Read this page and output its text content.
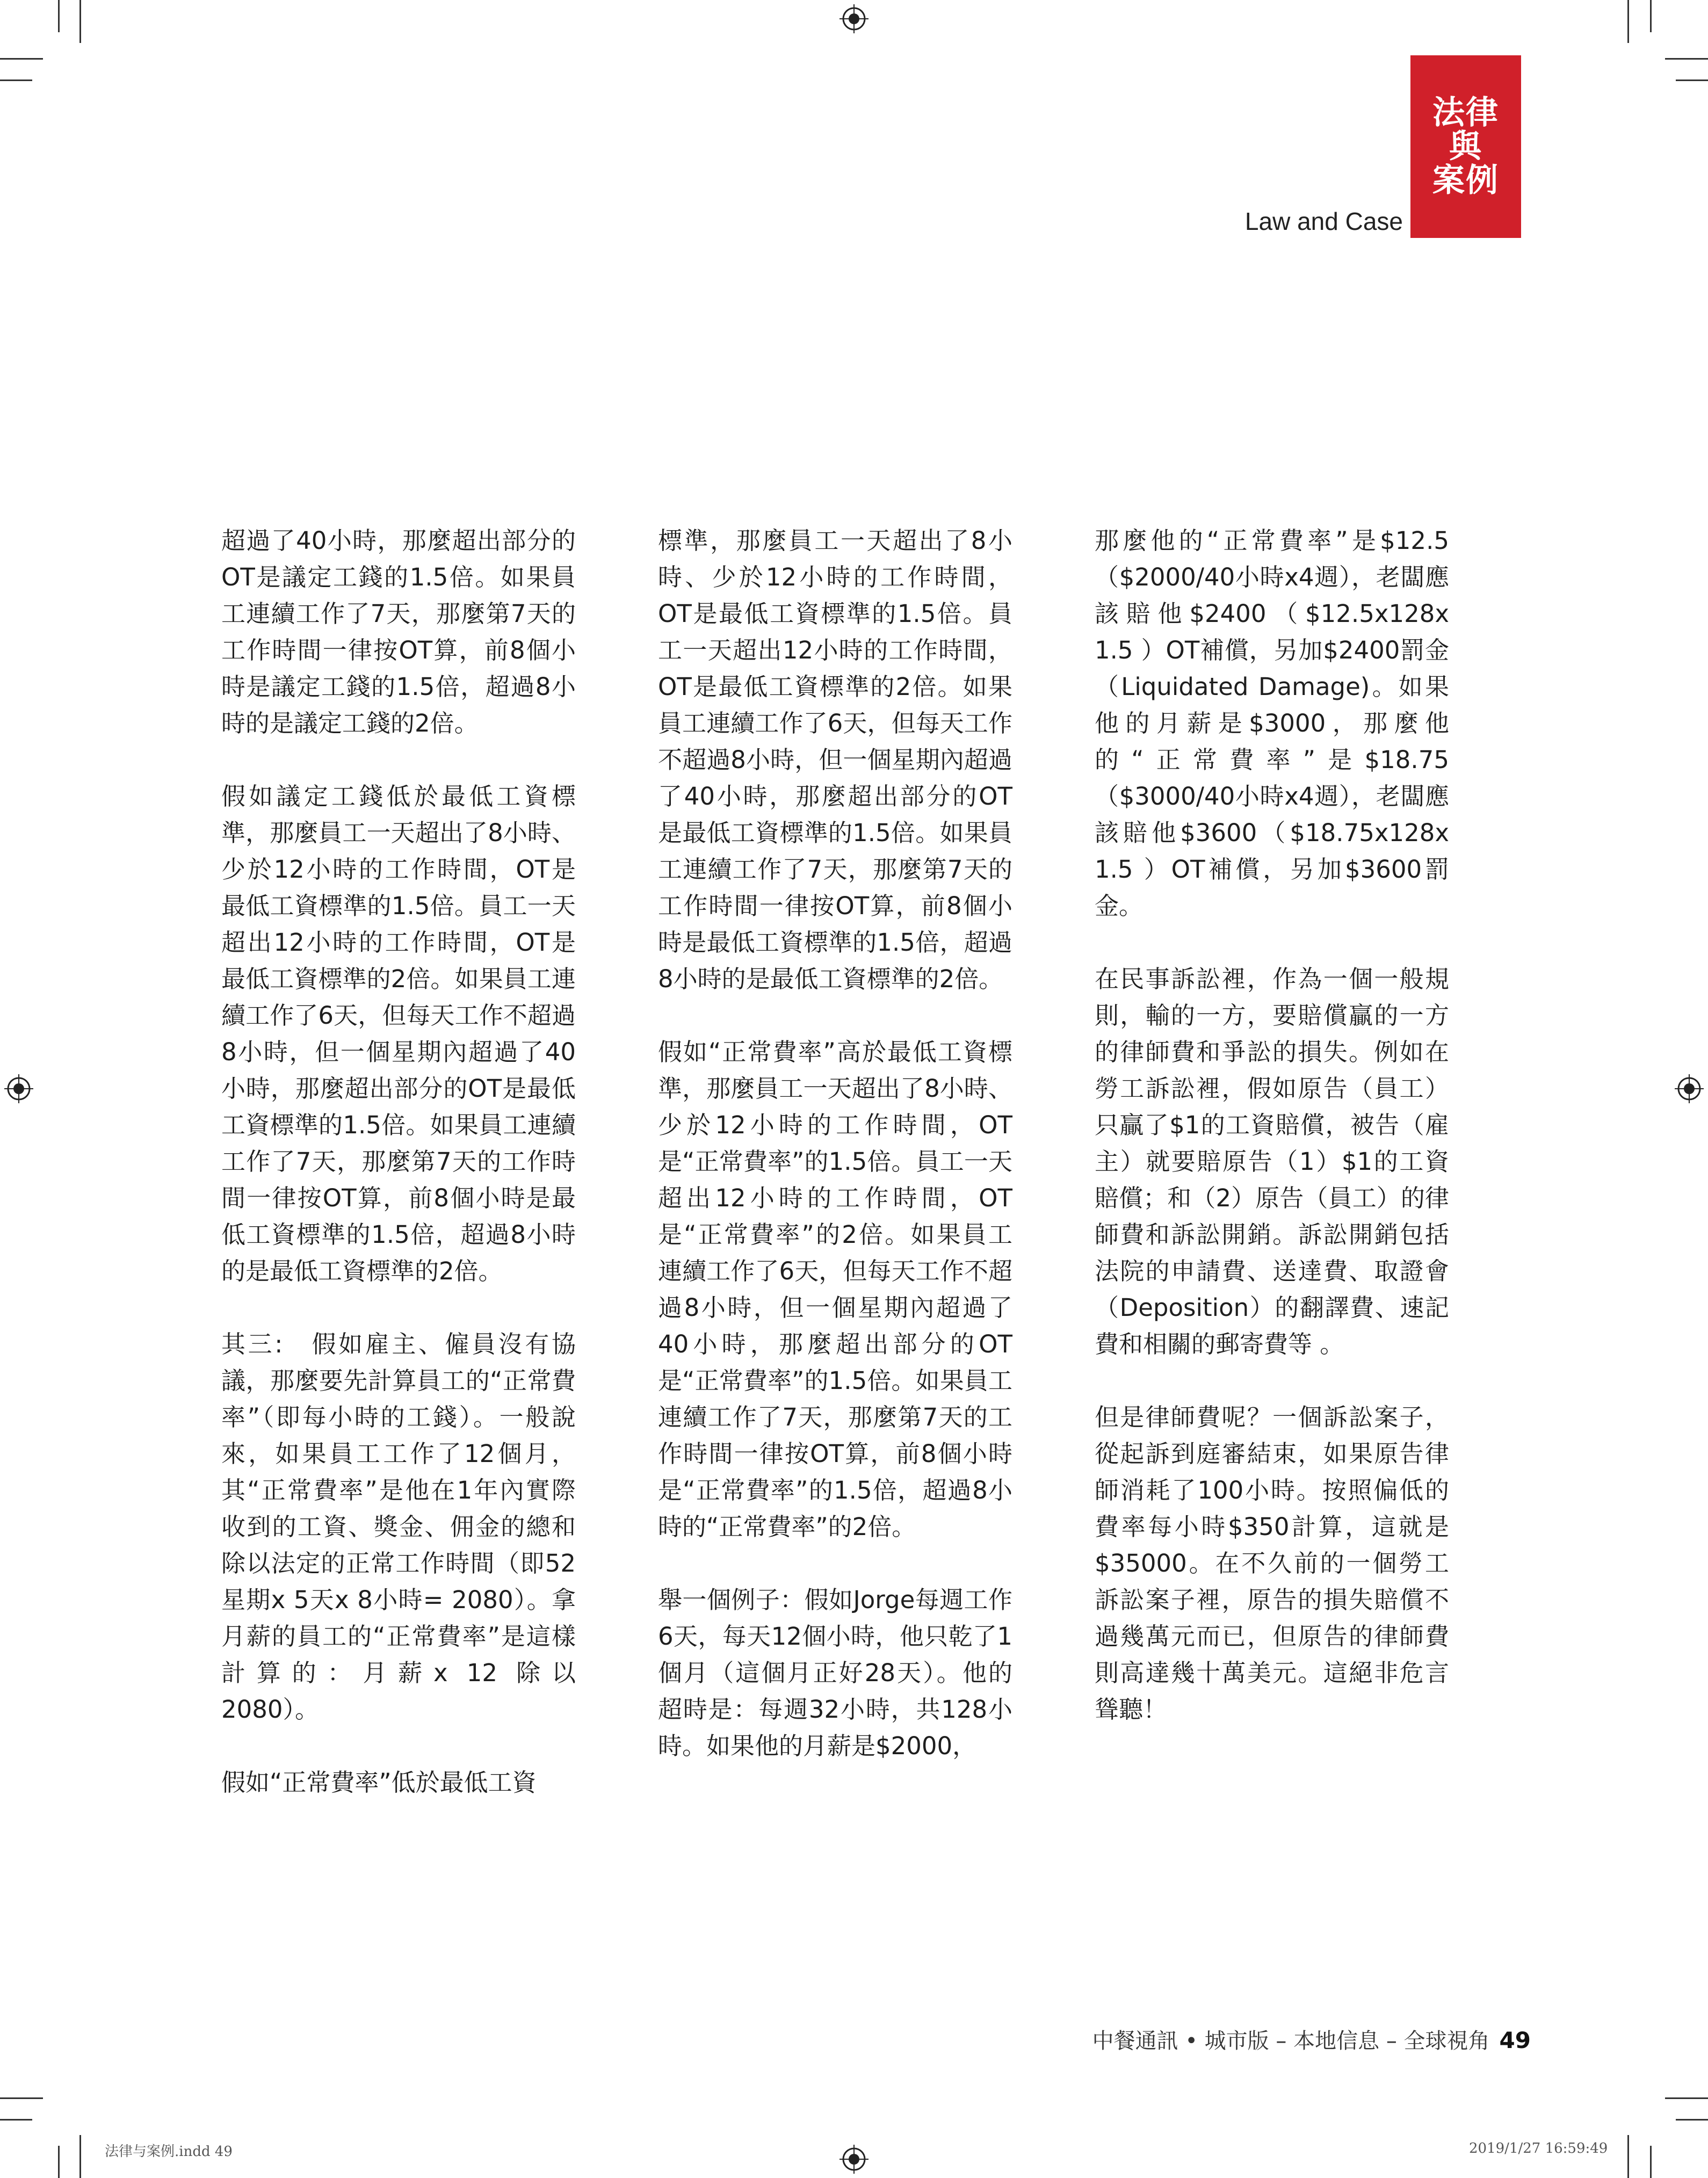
法律
與
案例
Law and Case

超過了40小時，那麼超出部分的OT是議定工錢的1.5倍。如果員工連續工作了7天，那麼第7天的工作時間一律按OT算，前8個小時是議定工錢的1.5倍，超過8小時的是議定工錢的2倍。

假如議定工錢低於最低工資標準，那麼員工一天超出了8小時、少於12小時的工作時間，OT是最低工資標準的1.5倍。員工一天超出12小時的工作時間，OT是最低工資標準的2倍。如果員工連續工作了6天，但每天工作不超過8小時，但一個星期內超過了40小時，那麼超出部分的OT是最低工資標準的1.5倍。如果員工連續工作了7天，那麼第7天的工作時間一律按OT算，前8個小時是最低工資標準的1.5倍，超過8小時的是最低工資標準的2倍。

其三:　假如雇主、僱員沒有協議，那麼要先計算員工的“正常費率”（即每小時的工錢）。一般說來，如果員工工作了12個月，其“正常費率”是他在1年內實際收到的工資、獎金、佣金的總和除以法定的正常工作時間（即52星期x 5天x 8小時= 2080）。拿月薪的員工的“正常費率”是這樣計算的：月薪x 12 除以 2080）。

假如“正常費率”低於最低工資

標準，那麼員工一天超出了8小時、少於12小時的工作時間，OT是最低工資標準的1.5倍。員工一天超出12小時的工作時間，OT是最低工資標準的2倍。如果員工連續工作了6天，但每天工作不超過8小時，但一個星期內超過了40小時，那麼超出部分的OT是最低工資標準的1.5倍。如果員工連續工作了7天，那麼第7天的工作時間一律按OT算，前8個小時是最低工資標準的1.5倍，超過8小時的是最低工資標準的2倍。

假如“正常費率”高於最低工資標準，那麼員工一天超出了8小時、少於12小時的工作時間，OT是“正常費率”的1.5倍。員工一天超出12小時的工作時間，OT是“正常費率”的2倍。如果員工連續工作了6天，但每天工作不超過8小時，但一個星期內超過了40小時，那麼超出部分的OT是“正常費率”的1.5倍。如果員工連續工作了7天，那麼第7天的工作時間一律按OT算，前8個小時是“正常費率”的1.5倍，超過8小時的“正常費率”的2倍。

舉一個例子：假如Jorge每週工作6天，每天12個小時，他只乾了1個月（這個月正好28天）。他的超時是：每週32小時，共128小時。如果他的月薪是$2000，

那麼他的“正常費率”是$12.5（$2000/40小時x4週），老闆應該賠他$2400（$12.5x128x 1.5 ）OT補償，另加$2400罰金（Liquidated Damage)。如果他的月薪是$3000，那麼他的“正常費率”是$18.75（$3000/40小時x4週），老闆應該賠他$3600（$18.75x128x 1.5 ）OT補償，另加$3600罰金。

在民事訴訟裡，作為一個一般規則，輸的一方，要賠償贏的一方的律師費和爭訟的損失。例如在勞工訴訟裡，假如原告（員工）只贏了$1的工資賠償，被告（雇主）就要賠原告（1）$1的工資賠償；和（2）原告（員工）的律師費和訴訟開銷。訴訟開銷包括法院的申請費、送達費、取證會（Deposition）的翻譯費、速記費和相關的郵寄費等 。

但是律師費呢？一個訴訟案子，從起訴到庭審結束，如果原告律師消耗了100小時。按照偏低的費率每小時$350計算，這就是$35000。在不久前的一個勞工訴訟案子裡，原告的損失賠償不過幾萬元而已，但原告的律師費則高達幾十萬美元。這絕非危言聳聽！

中餐通訊 • 城市版 – 本地信息 – 全球視角 49
法律与案例.indd 49	2019/1/27 16:59:49
